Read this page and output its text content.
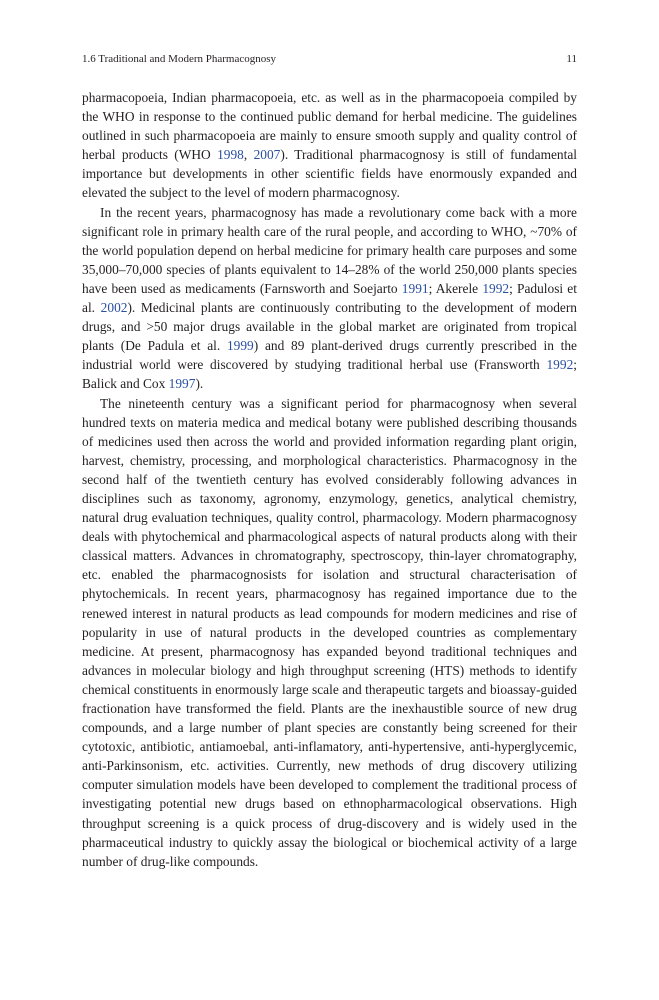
1.6 Traditional and Modern Pharmacognosy	11

pharmacopoeia, Indian pharmacopoeia, etc. as well as in the pharmacopoeia compiled by the WHO in response to the continued public demand for herbal medicine. The guidelines outlined in such pharmacopoeia are mainly to ensure smooth supply and quality control of herbal products (WHO 1998, 2007). Traditional pharmacognosy is still of fundamental importance but developments in other scientific fields have enormously expanded and elevated the subject to the level of modern pharmacognosy.

In the recent years, pharmacognosy has made a revolutionary come back with a more significant role in primary health care of the rural people, and according to WHO, ~70% of the world population depend on herbal medicine for primary health care purposes and some 35,000–70,000 species of plants equivalent to 14–28% of the world 250,000 plants species have been used as medicaments (Farnsworth and Soejarto 1991; Akerele 1992; Padulosi et al. 2002). Medicinal plants are continuously contributing to the development of modern drugs, and >50 major drugs available in the global market are originated from tropical plants (De Padula et al. 1999) and 89 plant-derived drugs currently prescribed in the industrial world were discovered by studying traditional herbal use (Fransworth 1992; Balick and Cox 1997).

The nineteenth century was a significant period for pharmacognosy when several hundred texts on materia medica and medical botany were published describing thousands of medicines used then across the world and provided information regarding plant origin, harvest, chemistry, processing, and morphological characteristics. Pharmacognosy in the second half of the twentieth century has evolved considerably following advances in disciplines such as taxonomy, agronomy, enzymology, genetics, analytical chemistry, natural drug evaluation techniques, quality control, pharmacology. Modern pharmacognosy deals with phytochemical and pharmacological aspects of natural products along with their classical matters. Advances in chromatography, spectroscopy, thin-layer chromatography, etc. enabled the pharmacognosists for isolation and structural characterisation of phytochemicals. In recent years, pharmacognosy has regained importance due to the renewed interest in natural products as lead compounds for modern medicines and rise of popularity in use of natural products in the developed countries as complementary medicine. At present, pharmacognosy has expanded beyond traditional techniques and advances in molecular biology and high throughput screening (HTS) methods to identify chemical constituents in enormously large scale and therapeutic targets and bioassay-guided fractionation have transformed the field. Plants are the inexhaustible source of new drug compounds, and a large number of plant species are constantly being screened for their cytotoxic, antibiotic, antiamoebal, anti-inflamatory, anti-hypertensive, anti-hyperglycemic, anti-Parkinsonism, etc. activities. Currently, new methods of drug discovery utilizing computer simulation models have been developed to complement the traditional process of investigating potential new drugs based on ethnopharmacological observations. High throughput screening is a quick process of drug-discovery and is widely used in the pharmaceutical industry to quickly assay the biological or biochemical activity of a large number of drug-like compounds.
